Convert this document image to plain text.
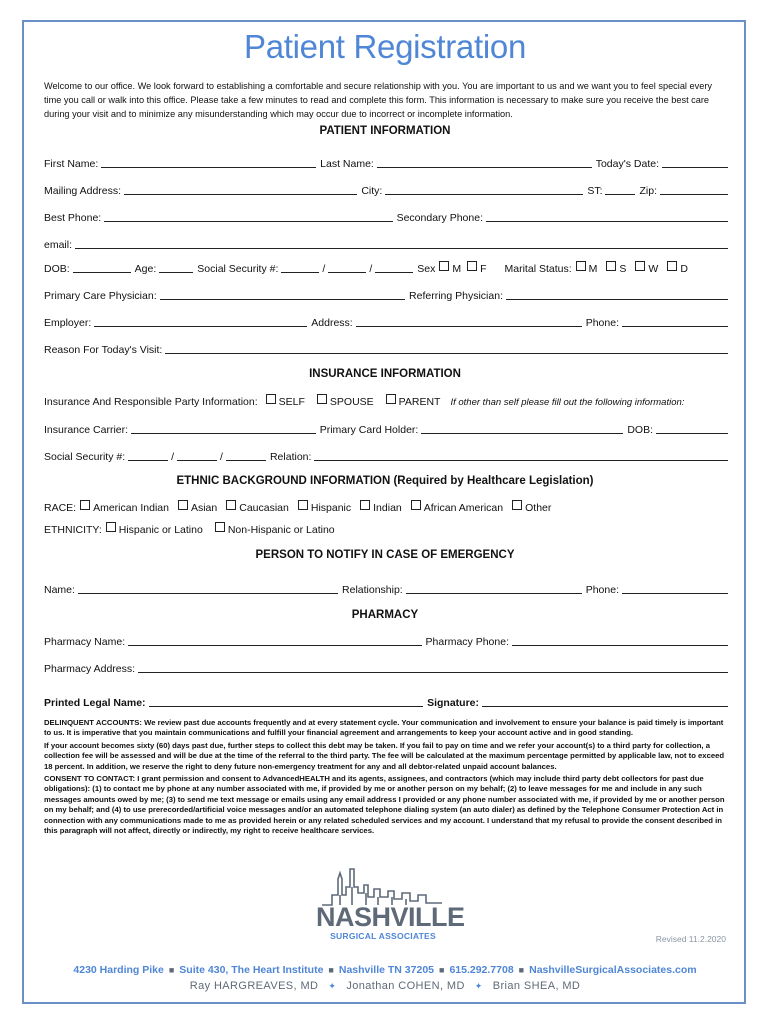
Patient Registration
Welcome to our office. We look forward to establishing a comfortable and secure relationship with you. You are important to us and we want you to feel special every time you call or walk into this office. Please take a few minutes to read and complete this form. This information is necessary to make sure you receive the best care during your visit and to minimize any misunderstanding which may occur due to incorrect or incomplete information.
PATIENT INFORMATION
First Name:	Last Name:	Today's Date:
Mailing Address:	City:	ST:	Zip:
Best Phone:	Secondary Phone:
email:
DOB:	Age:	Social Security #:	/	/	Sex	M	F	Marital Status:	M	S	W	D
Primary Care Physician:	Referring Physician:
Employer:	Address:	Phone:
Reason For Today's Visit:
INSURANCE INFORMATION
Insurance And Responsible Party Information:	SELF	SPOUSE	PARENT If other than self please fill out the following information:
Insurance Carrier:	Primary Card Holder:	DOB:
Social Security #:	/	/	Relation:
ETHNIC BACKGROUND INFORMATION (Required by Healthcare Legislation)
RACE:	American Indian	Asian	Caucasian	Hispanic	Indian	African American	Other
ETHNICITY:	Hispanic or Latino	Non-Hispanic or Latino
PERSON TO NOTIFY IN CASE OF EMERGENCY
Name:	Relationship:	Phone:
PHARMACY
Pharmacy Name:	Pharmacy Phone:
Pharmacy Address:
Printed Legal Name:	Signature:

DELINQUENT ACCOUNTS: We review past due accounts frequently and at every statement cycle. Your communication and involvement to ensure your balance is paid timely is important to us. It is imperative that you maintain communications and fulfill your financial agreement and arrangements to keep your account active and in good standing.

If your account becomes sixty (60) days past due, further steps to collect this debt may be taken. If you fail to pay on time and we refer your account(s) to a third party for collection, a collection fee will be assessed and will be due at the time of the referral to the third party. The fee will be calculated at the maximum percentage permitted by applicable law, not to exceed 18 percent. In addition, we reserve the right to deny future non-emergency treatment for any and all debtor-related unpaid account balances.

CONSENT TO CONTACT: I grant permission and consent to AdvancedHEALTH and its agents, assignees, and contractors (which may include third party debt collectors for past due obligations): (1) to contact me by phone at any number associated with me, if provided by me or another person on my behalf; (2) to leave messages for me and include in any such messages amounts owed by me; (3) to send me text message or emails using any email address I provided or any phone number associated with me, if provided by me or another person on my behalf; and (4) to use prerecorded/artificial voice messages and/or an automated telephone dialing system (an auto dialer) as defined by the Telephone Consumer Protection Act in connection with any communications made to me as provided herein or any related scheduled services and my account. I understand that my refusal to provide the consent described in this paragraph will not affect, directly or indirectly, my right to receive healthcare services.

NASHVILLE
SURGICAL ASSOCIATES	Revised 11.2.2020
4230 Harding Pike ■ Suite 430, The Heart Institute ■ Nashville TN 37205 ■ 615.292.7708 ■ NashvilleSurgicalAssociates.com
Ray HARGREAVES, MD ✦ Jonathan COHEN, MD ✦ Brian SHEA, MD
